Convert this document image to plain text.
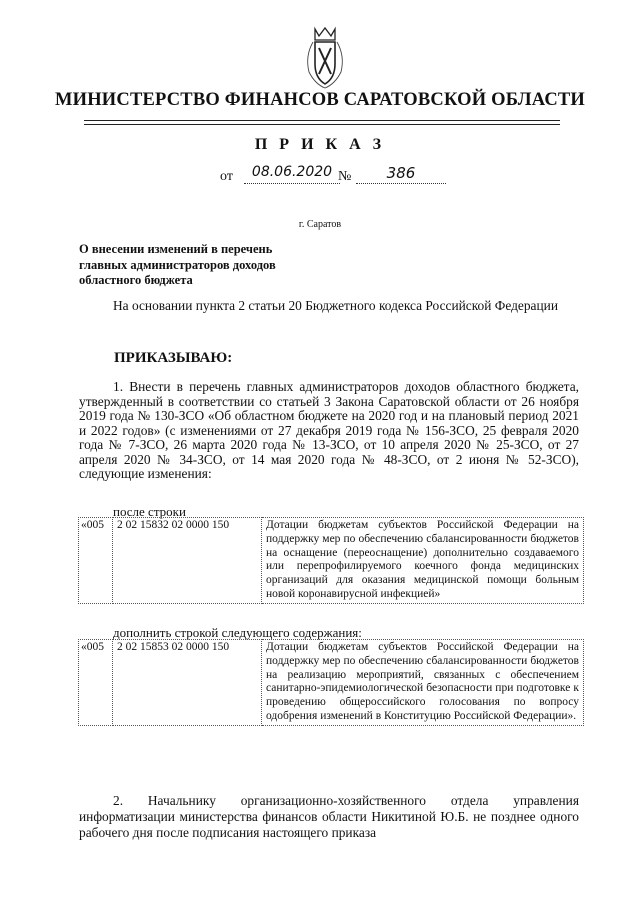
МИНИСТЕРСТВО ФИНАНСОВ САРАТОВСКОЙ ОБЛАСТИ
П Р И К А З
от	08.06.2020 №	386
г. Саратов
О внесении изменений в перечень
главных администраторов доходов
областного бюджета
На основании пункта 2 статьи 20 Бюджетного кодекса Российской Федерации
ПРИКАЗЫВАЮ:
1. Внести в перечень главных администраторов доходов областного бюджета, утвержденный в соответствии со статьей 3 Закона Саратовской области от 26 ноября 2019 года № 130-ЗСО «Об областном бюджете на 2020 год и на плановый период 2021 и 2022 годов» (с изменениями от 27 декабря 2019 года № 156-ЗСО, 25 февраля 2020 года № 7-ЗСО, 26 марта 2020 года № 13-ЗСО, от 10 апреля 2020 № 25-ЗСО, от 27 апреля 2020 № 34-ЗСО, от 14 мая 2020 года № 48-ЗСО, от 2 июня № 52-ЗСО), следующие изменения:
после строки
«005	2 02 15832 02 0000 150	Дотации бюджетам субъектов Российской Федерации на поддержку мер по обеспечению сбалансированности бюджетов на оснащение (переоснащение) дополнительно создаваемого или перепрофилируемого коечного фонда медицинских организаций для оказания медицинской помощи больным новой коронавирусной инфекцией»
дополнить строкой следующего содержания:
«005	2 02 15853 02 0000 150	Дотации бюджетам субъектов Российской Федерации на поддержку мер по обеспечению сбалансированности бюджетов на реализацию мероприятий, связанных с обеспечением санитарно-эпидемиологической безопасности при подготовке к проведению общероссийского голосования по вопросу одобрения изменений в Конституцию Российской Федерации».
2. Начальнику организационно-хозяйственного отдела управления информатизации министерства финансов области Никитиной Ю.Б. не позднее одного рабочего дня после подписания настоящего приказа
